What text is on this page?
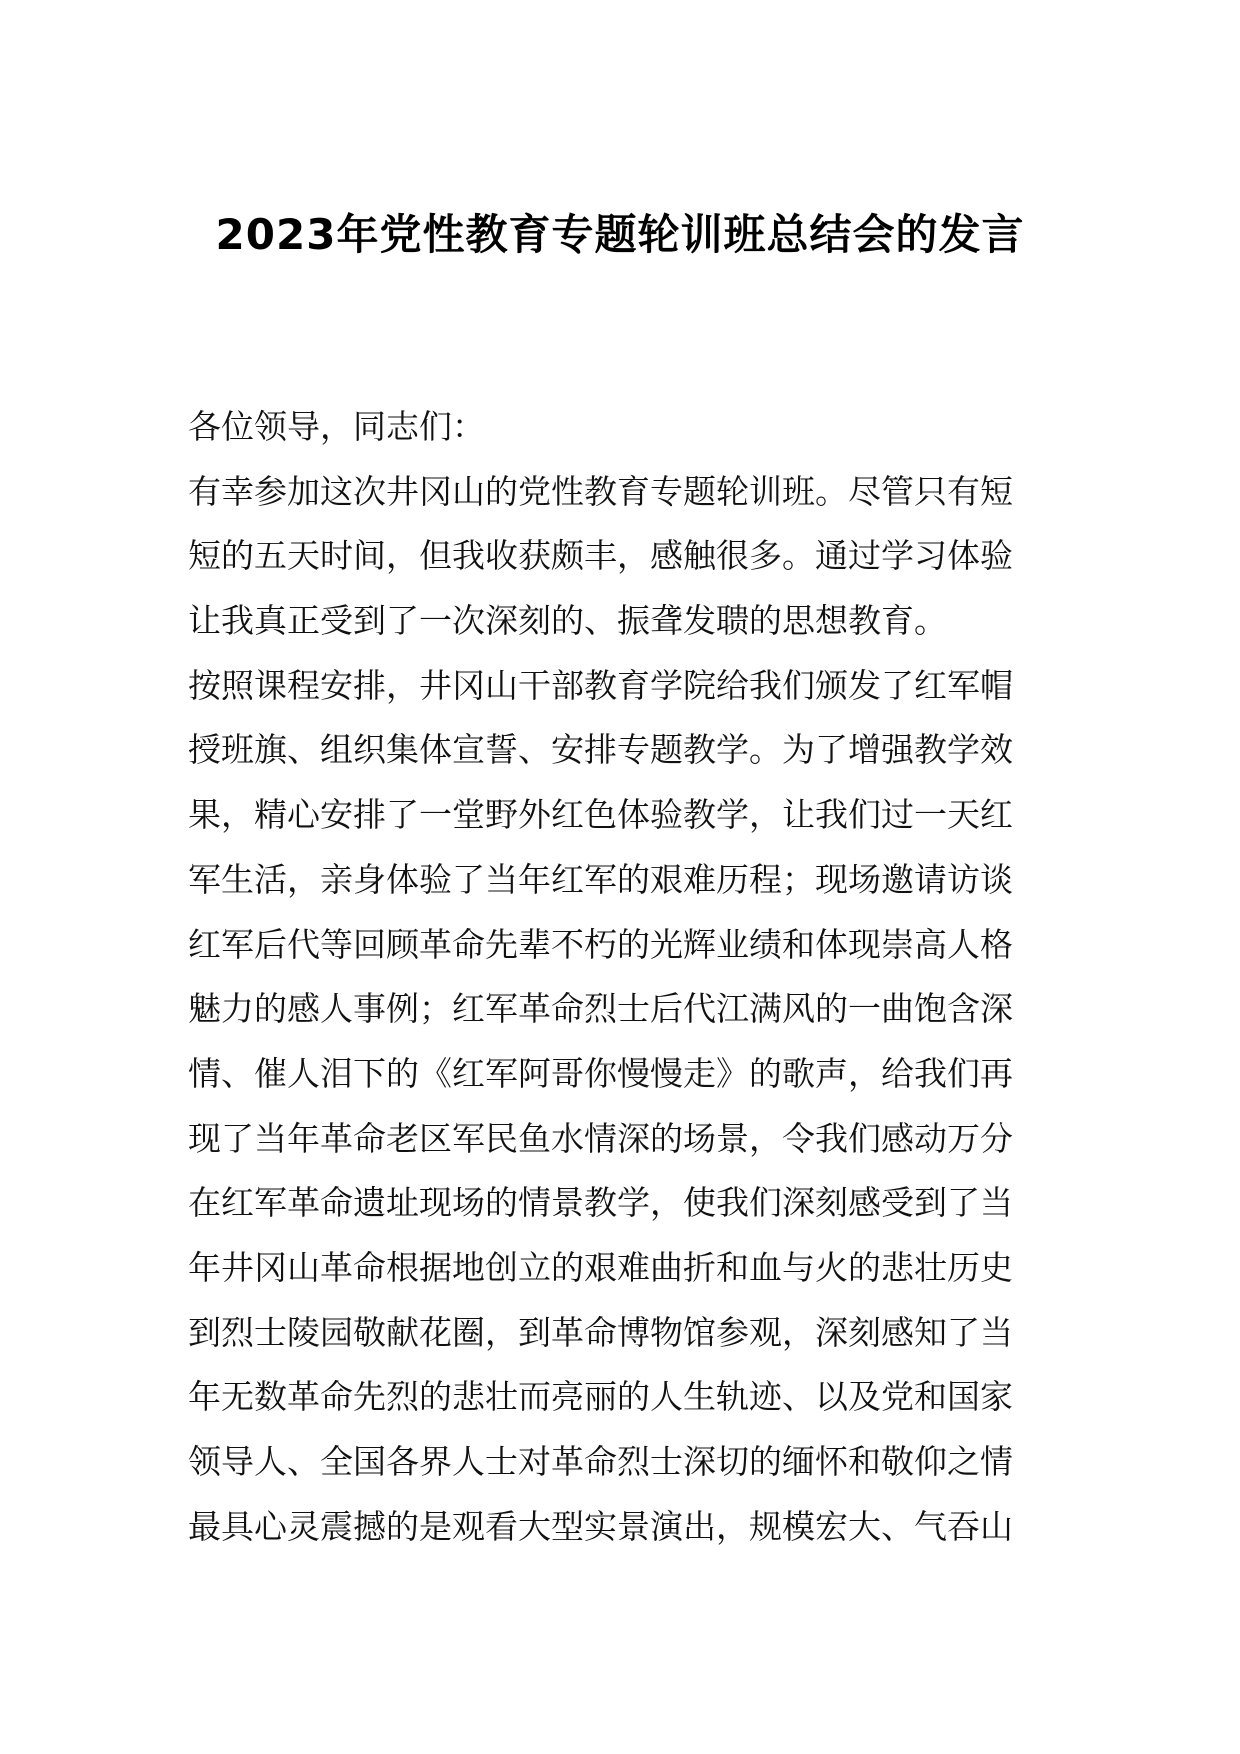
2023年党性教育专题轮训班总结会的发言
各位领导，同志们：
有幸参加这次井冈山的党性教育专题轮训班。尽管只有短
短的五天时间，但我收获颇丰，感触很多。通过学习体验
让我真正受到了一次深刻的、振聋发聩的思想教育。
按照课程安排，井冈山干部教育学院给我们颁发了红军帽
授班旗、组织集体宣誓、安排专题教学。为了增强教学效
果，精心安排了一堂野外红色体验教学，让我们过一天红
军生活，亲身体验了当年红军的艰难历程；现场邀请访谈
红军后代等回顾革命先辈不朽的光辉业绩和体现崇高人格
魅力的感人事例；红军革命烈士后代江满风的一曲饱含深
情、催人泪下的《红军阿哥你慢慢走》的歌声，给我们再
现了当年革命老区军民鱼水情深的场景，令我们感动万分
在红军革命遗址现场的情景教学，使我们深刻感受到了当
年井冈山革命根据地创立的艰难曲折和血与火的悲壮历史
到烈士陵园敬献花圈，到革命博物馆参观，深刻感知了当
年无数革命先烈的悲壮而亮丽的人生轨迹、以及党和国家
领导人、全国各界人士对革命烈士深切的缅怀和敬仰之情
最具心灵震撼的是观看大型实景演出，规模宏大、气吞山
